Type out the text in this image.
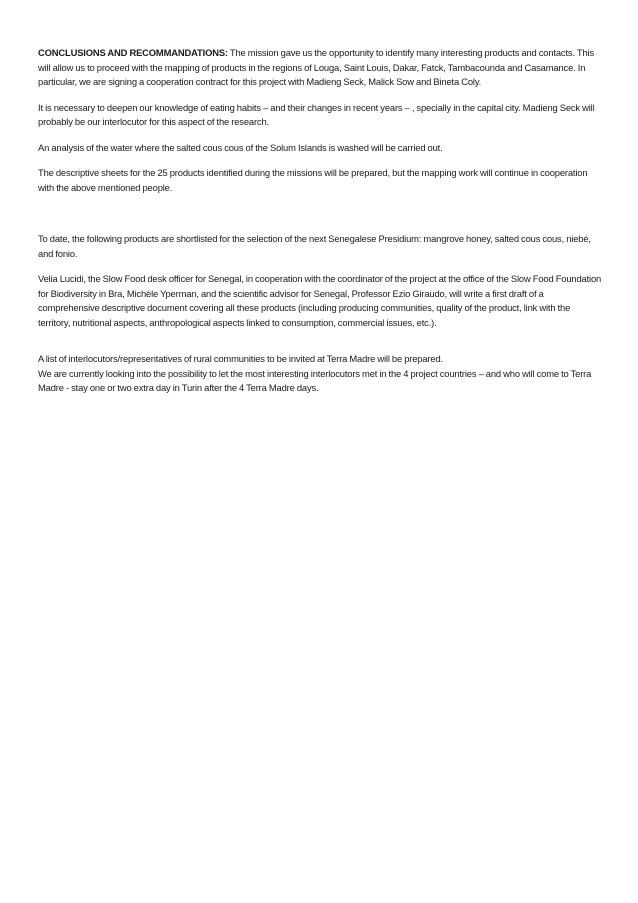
CONCLUSIONS AND RECOMMANDATIONS: The mission gave us the opportunity to identify many interesting products and contacts. This will allow us to proceed with the mapping of products in the regions of Louga, Saint Louis, Dakar, Fatck, Tambacounda and Casamance. In particular, we are signing a cooperation contract for this project with Madieng Seck, Malick Sow and Bineta Coly.

It is necessary to deepen our knowledge of eating habits – and their changes in recent years – , specially in the capital city. Madieng Seck will probably be our interlocutor for this aspect of the research.

An analysis of the water where the salted cous cous of the Solum Islands is washed will be carried out.

The descriptive sheets for the 25 products identified during the missions will be prepared, but the mapping work will continue in cooperation with the above mentioned people.

To date, the following products are shortlisted for the selection of the next Senegalese Presidium: mangrove honey, salted cous cous, niebé, and fonio.

Velia Lucidi, the Slow Food desk officer for Senegal, in cooperation with the coordinator of the project at the office of the Slow Food Foundation for Biodiversity in Bra, Michèle Yperman, and the scientific advisor for Senegal, Professor Ezio Giraudo, will write a first draft of a comprehensive descriptive document covering all these products (including producing communities, quality of the product, link with the territory, nutritional aspects, anthropological aspects linked to consumption, commercial issues, etc.).

A list of interlocutors/representatives of rural communities to be invited at Terra Madre will be prepared.

We are currently looking into the possibility to let the most interesting interlocutors met in the 4 project countries – and who will come to Terra Madre - stay one or two extra day in Turin after the 4 Terra Madre days.
